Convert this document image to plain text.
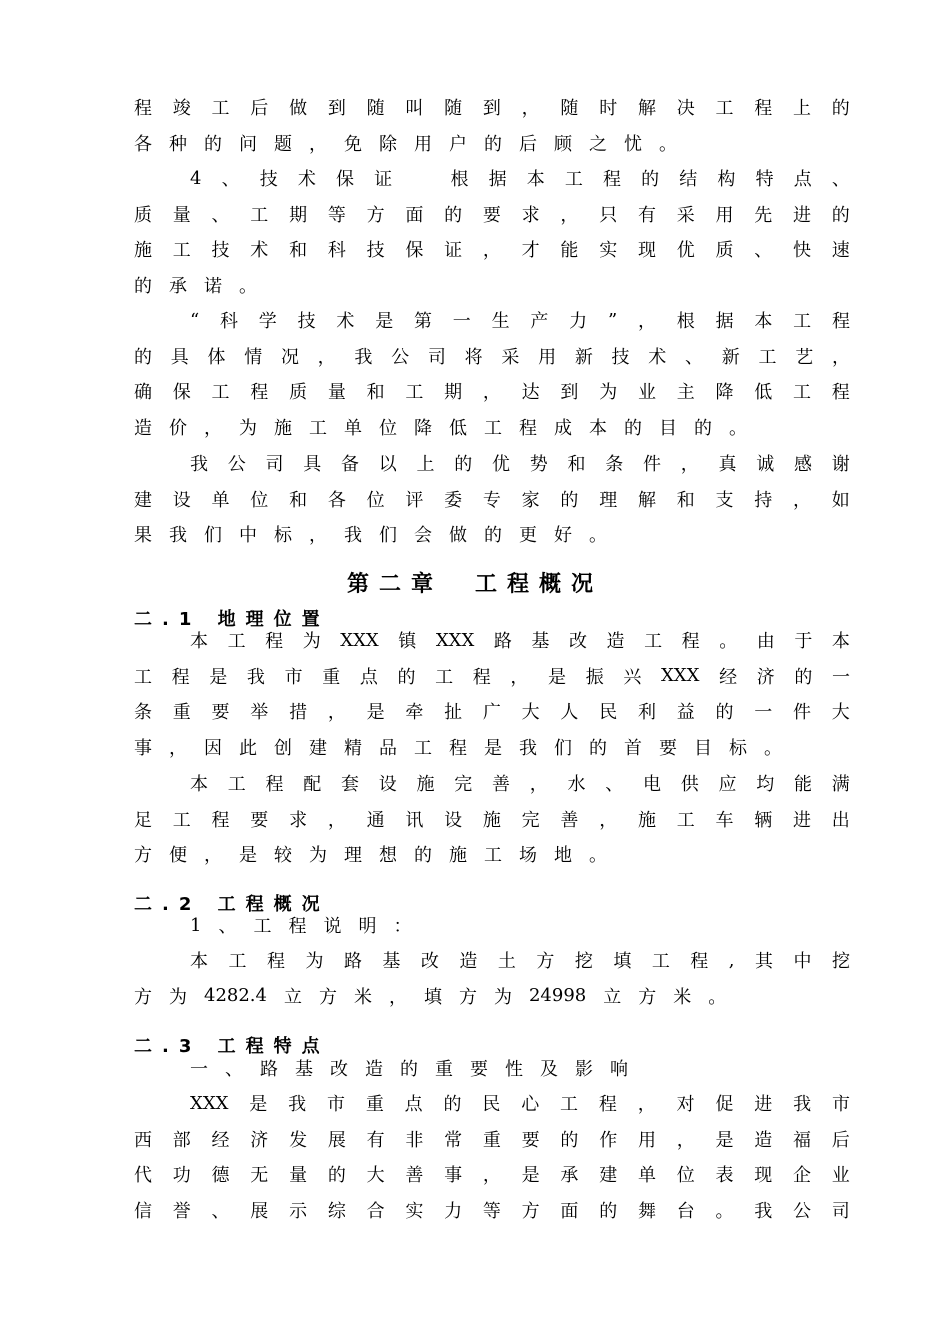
程 竣 工 后 做 到 随 叫 随 到 ， 随 时 解 决 工 程 上 的
各 种 的 问 题 ， 免 除 用 户 的 后 顾 之 忧 。
4 、 技 术 保 证
　	根 据 本 工 程 的 结 构 特 点 、
质 量 、 工 期 等 方 面 的 要 求 ， 只 有 采 用 先 进 的
施 工 技 术 和 科 技 保 证 ， 才 能 实 现 优 质 、 快 速
的 承 诺 。
“ 科 学 技 术 是 第 一 生 产 力 ” ， 根 据 本 工 程
的 具 体 情 况 ， 我 公 司 将 采 用 新 技 术 、 新 工 艺 ，
确 保 工 程 质 量 和 工 期 ， 达 到 为 业 主 降 低 工 程
造 价 ， 为 施 工 单 位 降 低 工 程 成 本 的 目 的 。
我 公 司 具 备 以 上 的 优 势 和 条 件 ， 真 诚 感 谢
建 设 单 位 和 各 位 评 委 专 家 的 理 解 和 支 持 ， 如
果 我 们 中 标 ， 我 们 会 做 的 更 好 。
本 工 程 为 XXX 镇 XXX 路 基 改 造 工 程 。 由 于 本
工 程 是 我 市 重 点 的 工 程 ， 是 振 兴 XXX 经 济 的 一
条 重 要 举 措 ， 是 牵 扯 广 大 人 民 利 益 的 一 件 大
事 ， 因 此 创 建 精 品 工 程 是 我 们 的 首 要 目 标 。
本 工 程 配 套 设 施 完 善 ， 水 、 电 供 应 均 能 满
足 工 程 要 求 ， 通 讯 设 施 完 善 ， 施 工 车 辆 进 出
方 便 ， 是 较 为 理 想 的 施 工 场 地 。
1 、 工 程 说 明 ：
本 工 程 为 路 基 改 造 土 方 挖 填 工 程 , 其 中 挖
方 为 4282.4 立 方 米 ， 填 方 为 24998 立 方 米 。
一 、 路 基 改 造 的 重 要 性 及 影 响
XXX 是 我 市 重 点 的 民 心 工 程 ， 对 促 进 我 市
西 部 经 济 发 展 有 非 常 重 要 的 作 用 ， 是 造 福 后
代 功 德 无 量 的 大 善 事 ， 是 承 建 单 位 表 现 企 业
信 誉 、 展 示 综 合 实 力 等 方 面 的 舞 台 。 我 公 司
第二章　工程概况
二.1 地理位置
二.2 工程概况
二.3 工程特点
